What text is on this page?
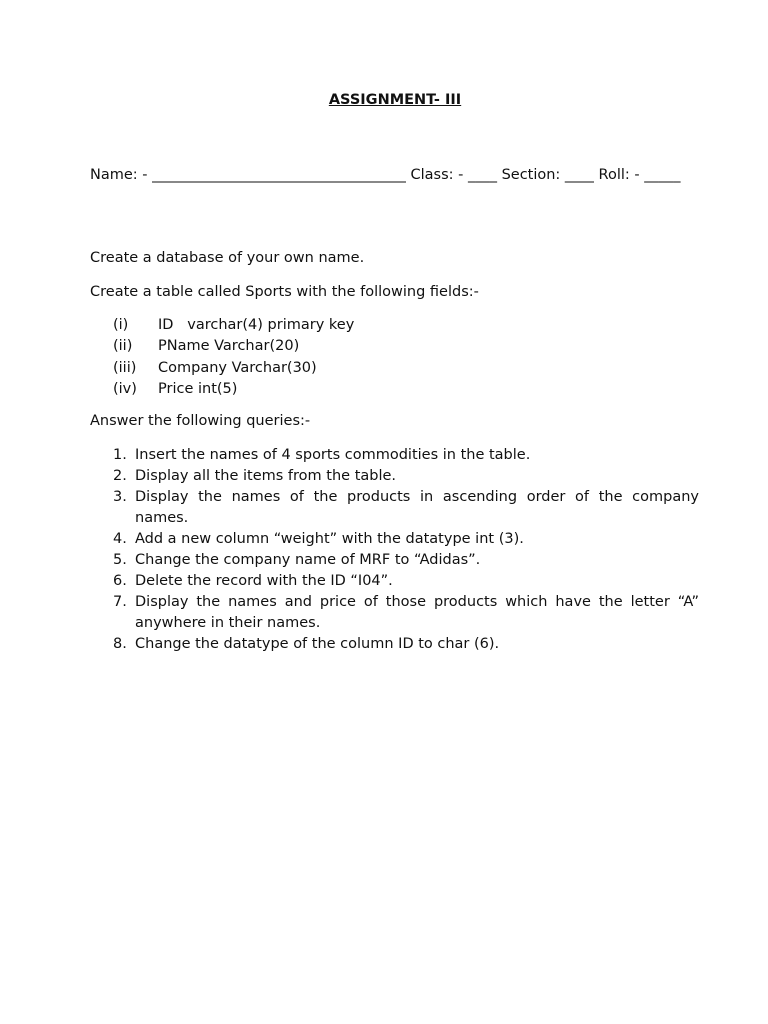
ASSIGNMENT- III
Name: - ___________________________________ Class: - ____ Section: ____ Roll: - _____
Create a database of your own name.
Create a table called Sports with the following fields:-
(i) ID   varchar(4) primary key
(ii) PName Varchar(20)
(iii) Company Varchar(30)
(iv) Price int(5)
Answer the following queries:-
1. Insert the names of 4 sports commodities in the table.
2. Display all the items from the table.
3. Display the names of the products in ascending order of the company names.
4. Add a new column “weight” with the datatype int (3).
5. Change the company name of MRF to “Adidas”.
6. Delete the record with the ID “I04”.
7. Display the names and price of those products which have the letter “A” anywhere in their names.
8. Change the datatype of the column ID to char (6).
